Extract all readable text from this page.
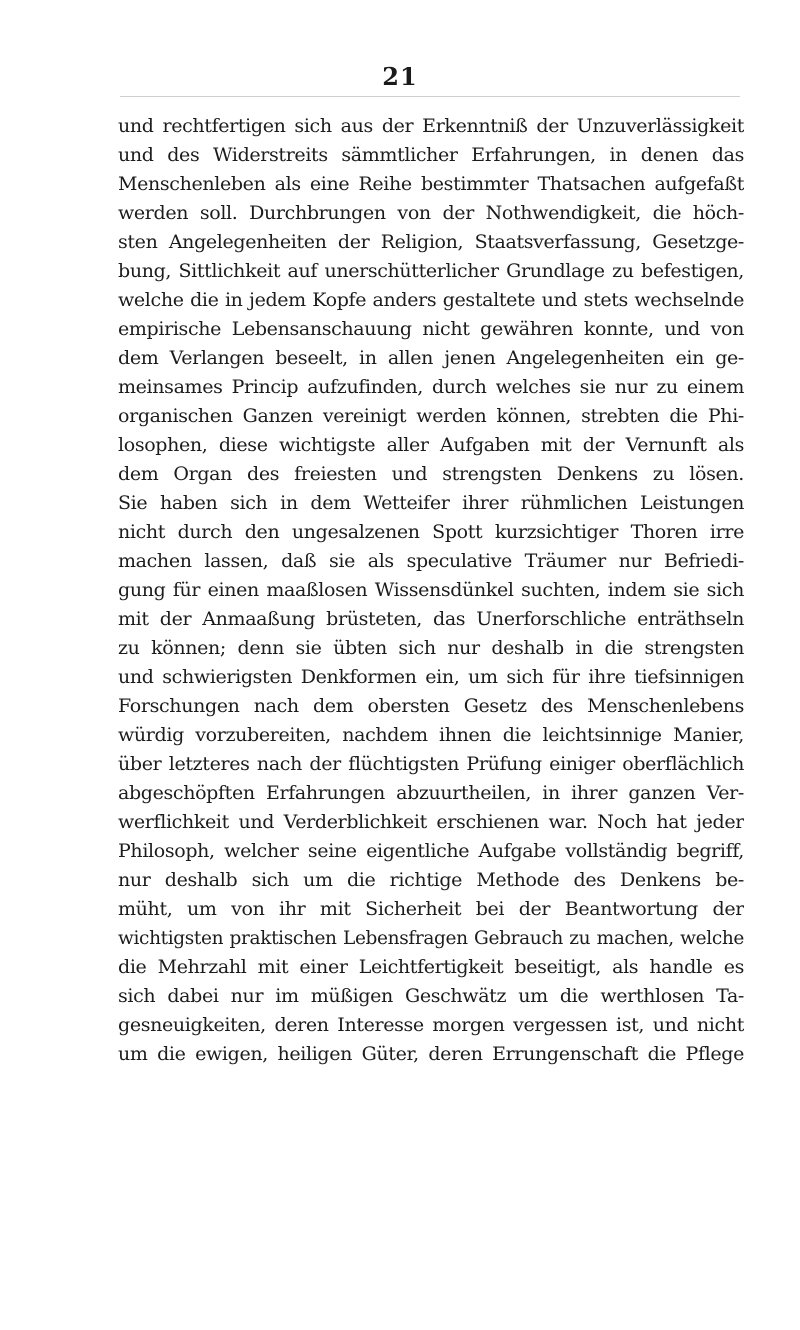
21
und rechtfertigen sich aus der Erkenntniß der Unzuverlässigkeit
und des Widerstreits sämmtlicher Erfahrungen, in denen das
Menschenleben als eine Reihe bestimmter Thatsachen aufgefaßt
werden soll. Durchbrungen von der Nothwendigkeit, die höch-
sten Angelegenheiten der Religion, Staatsverfassung, Gesetzge-
bung, Sittlichkeit auf unerschütterlicher Grundlage zu befestigen,
welche die in jedem Kopfe anders gestaltete und stets wechselnde
empirische Lebensanschauung nicht gewähren konnte, und von
dem Verlangen beseelt, in allen jenen Angelegenheiten ein ge-
meinsames Princip aufzufinden, durch welches sie nur zu einem
organischen Ganzen vereinigt werden können, strebten die Phi-
losophen, diese wichtigste aller Aufgaben mit der Vernunft als
dem Organ des freiesten und strengsten Denkens zu lösen.
Sie haben sich in dem Wetteifer ihrer rühmlichen Leistungen
nicht durch den ungesalzenen Spott kurzsichtiger Thoren irre
machen lassen, daß sie als speculative Träumer nur Befriedi-
gung für einen maaßlosen Wissensdünkel suchten, indem sie sich
mit der Anmaaßung brüsteten, das Unerforschliche enträthseln
zu können; denn sie übten sich nur deshalb in die strengsten
und schwierigsten Denkformen ein, um sich für ihre tiefsinnigen
Forschungen nach dem obersten Gesetz des Menschenlebens
würdig vorzubereiten, nachdem ihnen die leichtsinnige Manier,
über letzteres nach der flüchtigsten Prüfung einiger oberflächlich
abgeschöpften Erfahrungen abzuurtheilen, in ihrer ganzen Ver-
werflichkeit und Verderblichkeit erschienen war. Noch hat jeder
Philosoph, welcher seine eigentliche Aufgabe vollständig begriff,
nur deshalb sich um die richtige Methode des Denkens be-
müht, um von ihr mit Sicherheit bei der Beantwortung der
wichtigsten praktischen Lebensfragen Gebrauch zu machen, welche
die Mehrzahl mit einer Leichtfertigkeit beseitigt, als handle es
sich dabei nur im müßigen Geschwätz um die werthlosen Ta-
gesneuigkeiten, deren Interesse morgen vergessen ist, und nicht
um die ewigen, heiligen Güter, deren Errungenschaft die Pflege
